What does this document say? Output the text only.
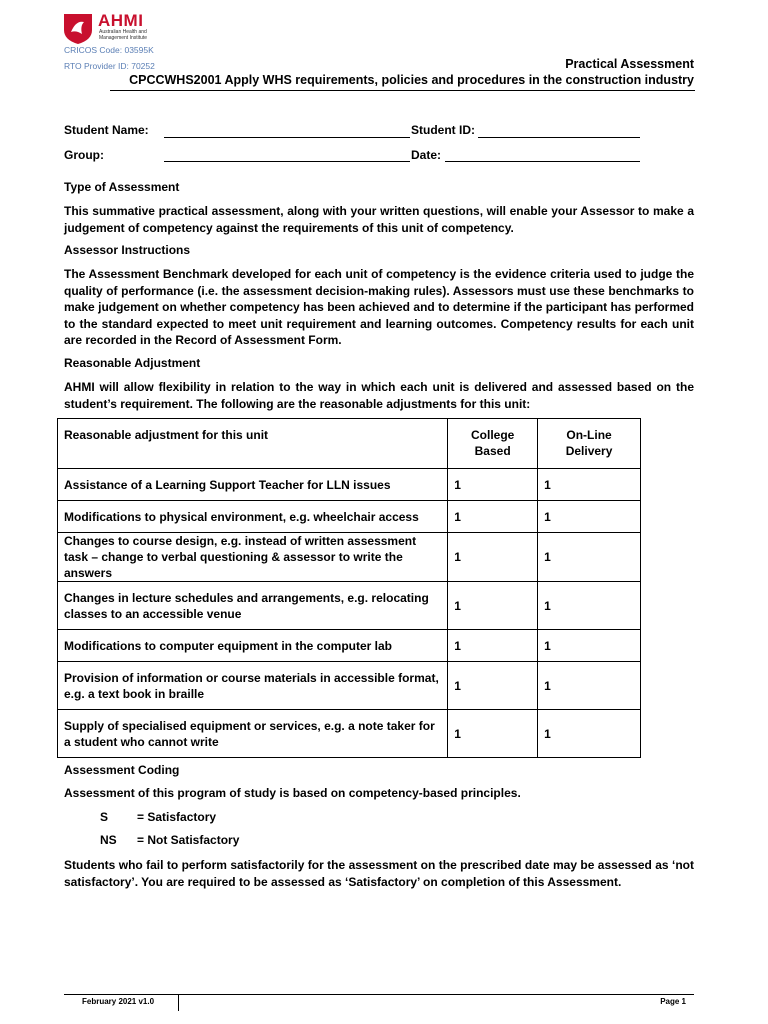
AHMI
Australian Health and Management Institute
CRICOS Code: 03595K
RTO Provider ID: 70252	Practical Assessment
CPCCWHS2001 Apply WHS requirements, policies and procedures in the construction industry
Student Name:	Student ID:
Group:	Date:
Type of Assessment
This summative practical assessment, along with your written questions, will enable your Assessor to make a judgement of competency against the requirements of this unit of competency.
Assessor Instructions
The Assessment Benchmark developed for each unit of competency is the evidence criteria used to judge the quality of performance (i.e. the assessment decision-making rules). Assessors must use these benchmarks to make judgement on whether competency has been achieved and to determine if the participant has performed to the standard expected to meet unit requirement and learning outcomes. Competency results for each unit are recorded in the Record of Assessment Form.
Reasonable Adjustment
AHMI will allow flexibility in relation to the way in which each unit is delivered and assessed based on the student’s requirement. The following are the reasonable adjustments for this unit:
Reasonable adjustment for this unit	College Based	On-Line Delivery
Assistance of a Learning Support Teacher for LLN issues	1	1
Modifications to physical environment, e.g. wheelchair access	1	1
Changes to course design, e.g. instead of written assessment task – change to verbal questioning & assessor to write the answers	1	1
Changes in lecture schedules and arrangements, e.g. relocating classes to an accessible venue	1	1
Modifications to computer equipment in the computer lab	1	1
Provision of information or course materials in accessible format, e.g. a text book in braille	1	1
Supply of specialised equipment or services, e.g. a note taker for a student who cannot write	1	1
Assessment Coding
Assessment of this program of study is based on competency-based principles.
S = Satisfactory
NS = Not Satisfactory
Students who fail to perform satisfactorily for the assessment on the prescribed date may be assessed as ‘not satisfactory’. You are required to be assessed as ‘Satisfactory’ on completion of this Assessment.
February 2021 v1.0	Page 1
